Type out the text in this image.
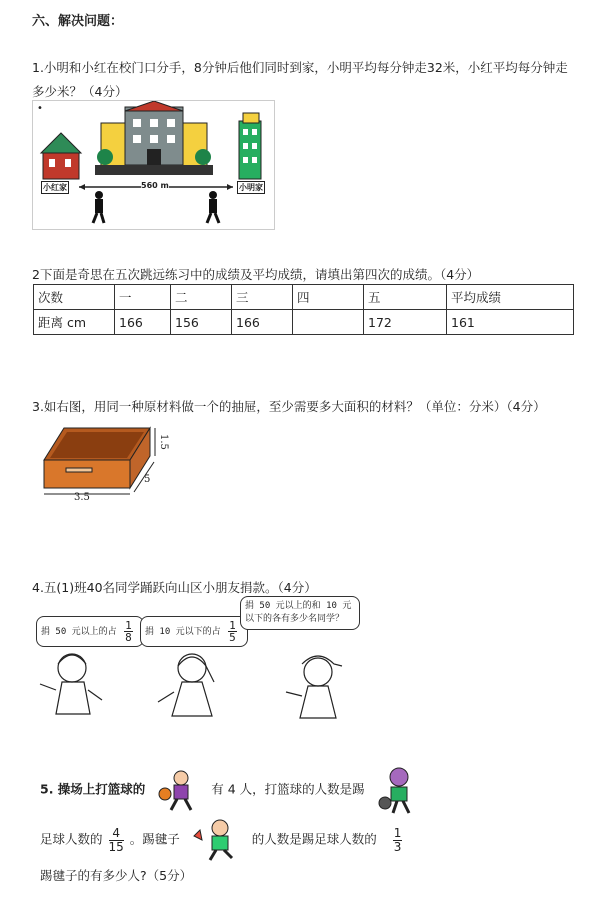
六、解决问题：
1.小明和小红在校门口分手，8分钟后他们同时到家，小明平均每分钟走32米，小红平均每分钟走
多少米？（4分）
•
小红家	560 m	小明家
2下面是奇思在五次跳远练习中的成绩及平均成绩，请填出第四次的成绩。（4分）
次数	一	二	三	四	五	平均成绩
距离 cm	166	156	166		172	161
3.如右图，用同一种原材料做一个的抽屉，至少需要多大面积的材料？（单位：分米）（4分）
3.5
5
1.5
4.五(1)班40名同学踊跃向山区小朋友捐款。（4分）
捐 50 元以上的占 $\frac{1}{8}$	捐 10 元以下的占 $\frac{1}{5}$
捐 50 元以上的和 10 元
以下的各有多少名同学？
5. 操场上打篮球的	有 4 人，打篮球的人数是踢
足球人数的 $\frac{4}{15}$ 。踢毽子	的人数是踢足球人数的 $\frac{1}{3}$
踢毽子的有多少人?（5分）
